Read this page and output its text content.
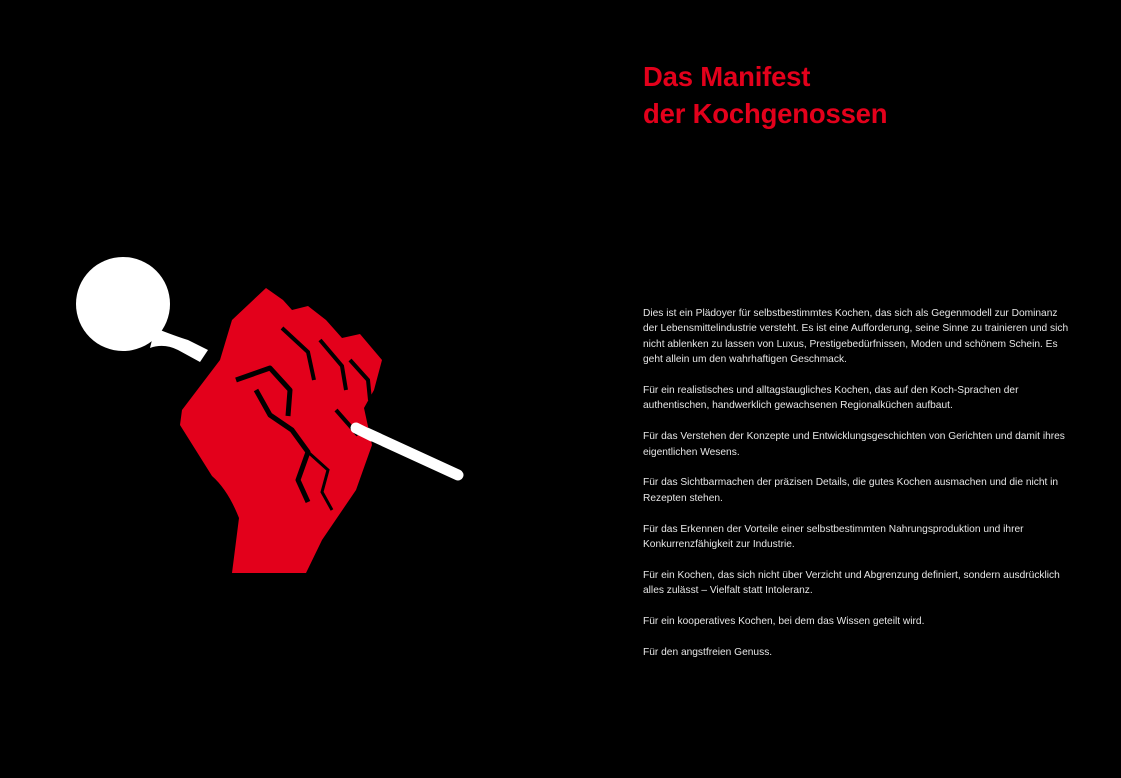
Das Manifest
der Kochgenossen

Dies ist ein Plädoyer für selbstbestimmtes Kochen, das sich als Gegenmodell zur Dominanz der Lebensmittelindustrie versteht. Es ist eine Aufforderung, seine Sinne zu trainieren und sich nicht ablenken zu lassen von Luxus, Prestigebedürfnissen, Moden und schönem Schein. Es geht allein um den wahrhaftigen Geschmack.

Für ein realistisches und alltagstaugliches Kochen, das auf den Koch-Sprachen der authentischen, handwerklich gewachsenen Regionalküchen aufbaut.

Für das Verstehen der Konzepte und Entwicklungsgeschichten von Gerichten und damit ihres eigentlichen Wesens.

Für das Sichtbarmachen der präzisen Details, die gutes Kochen ausmachen und die nicht in Rezepten stehen.

Für das Erkennen der Vorteile einer selbstbestimmten Nahrungsproduktion und ihrer Konkurrenzfähigkeit zur Industrie.

Für ein Kochen, das sich nicht über Verzicht und Abgrenzung definiert, sondern ausdrücklich alles zulässt – Vielfalt statt Intoleranz.

Für ein kooperatives Kochen, bei dem das Wissen geteilt wird.

Für den angstfreien Genuss.
